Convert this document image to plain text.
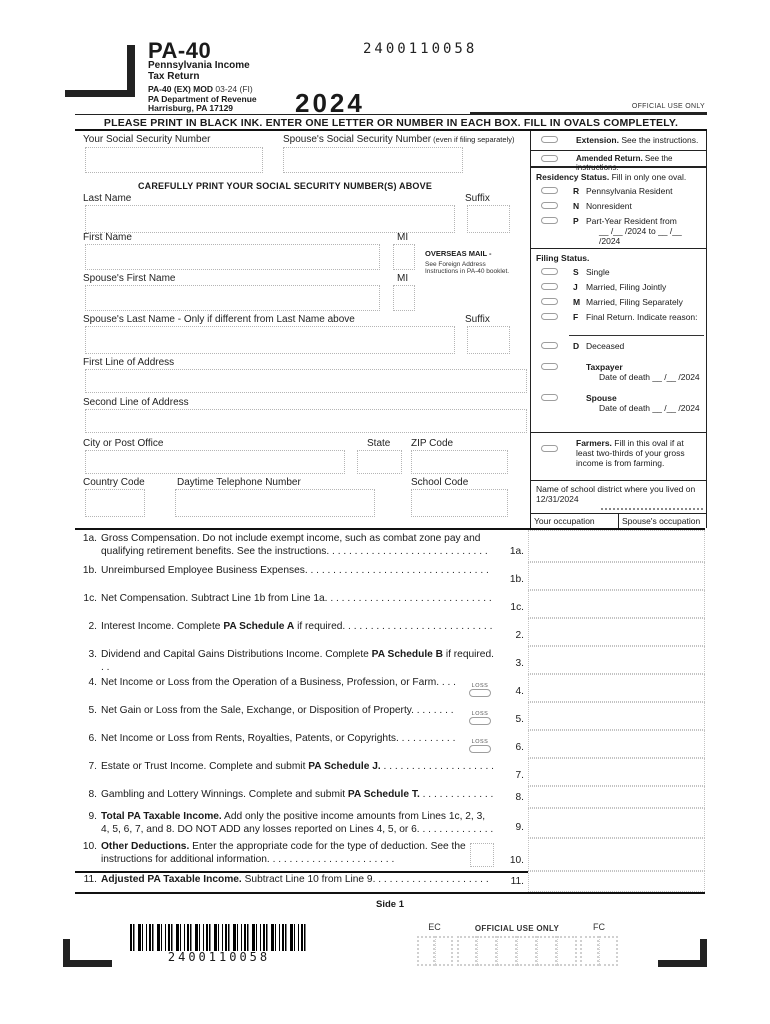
PA-40
Pennsylvania Income
Tax Return
PA-40 (EX) MOD 03-24 (FI)
PA Department of Revenue
Harrisburg, PA 17129
2400110058
2024	OFFICIAL USE ONLY
PLEASE PRINT IN BLACK INK. ENTER ONE LETTER OR NUMBER IN EACH BOX. FILL IN OVALS COMPLETELY.
Your Social Security Number	Spouse's Social Security Number (even if filing separately)
CAREFULLY PRINT YOUR SOCIAL SECURITY NUMBER(S) ABOVE
Last Name	Suffix
First Name	MI
OVERSEAS MAIL -
See Foreign Address Instructions in PA-40 booklet.
Spouse's First Name	MI
Spouse's Last Name - Only if different from Last Name above	Suffix
First Line of Address
Second Line of Address
City or Post Office	State ZIP Code
Country Code	Daytime Telephone Number	School Code
Extension. See the instructions.
Amended Return. See the instructions.
Residency Status. Fill in only one oval.
R Pennsylvania Resident
N Nonresident
P Part-Year Resident from
__ /__ /2024 to __ /__ /2024
Filing Status.
S Single
J Married, Filing Jointly
M Married, Filing Separately
F Final Return. Indicate reason:
D Deceased
Taxpayer
Date of death __ /__ /2024
Spouse
Date of death __ /__ /2024
Farmers. Fill in this oval if at least two-thirds of your gross income is from farming.
Name of school district where you lived on 12/31/2024
Your occupation	Spouse's occupation
1a. Gross Compensation. Do not include exempt income, such as combat zone pay and qualifying retirement benefits. See the instructions. . . . . . . . . . . . . . . . . . . . . . . . . . . . .	1a.
1b. Unreimbursed Employee Business Expenses. . . . . . . . . . . . . . . . . . . . . . . . . . . . . . . . .
1b.
1c. Net Compensation. Subtract Line 1b from Line 1a. . . . . . . . . . . . . . . . . . . . . . . . . . . . . .
1c.
2. Interest Income. Complete PA Schedule A if required. . . . . . . . . . . . . . . . . . . . . . . . . . .
2.
3. Dividend and Capital Gains Distributions Income. Complete PA Schedule B if required. . .	3.
4. Net Income or Loss from the Operation of a Business, Profession, or Farm. . . .	LOSS	4.
5. Net Gain or Loss from the Sale, Exchange, or Disposition of Property. . . . . . . .	LOSS	5.
6. Net Income or Loss from Rents, Royalties, Patents, or Copyrights. . . . . . . . . . .	LOSS	6.
7. Estate or Trust Income. Complete and submit PA Schedule J. . . . . . . . . . . . . . . . . . . . .
7.
8. Gambling and Lottery Winnings. Complete and submit PA Schedule T. . . . . . . . . . . . . .	8.
9. Total PA Taxable Income. Add only the positive income amounts from Lines 1c, 2, 3, 4, 5, 6, 7, and 8. DO NOT ADD any losses reported on Lines 4, 5, or 6. . . . . . . . . . . . . .	9.
10. Other Deductions. Enter the appropriate code for the type of deduction. See the instructions for additional information. . . . . . . . . . . . . . . . . . . . . . .	10.
11. Adjusted PA Taxable Income. Subtract Line 10 from Line 9. . . . . . . . . . . . . . . . . . . . .	11.
Side 1
2400110058
EC	OFFICIAL USE ONLY	FC
